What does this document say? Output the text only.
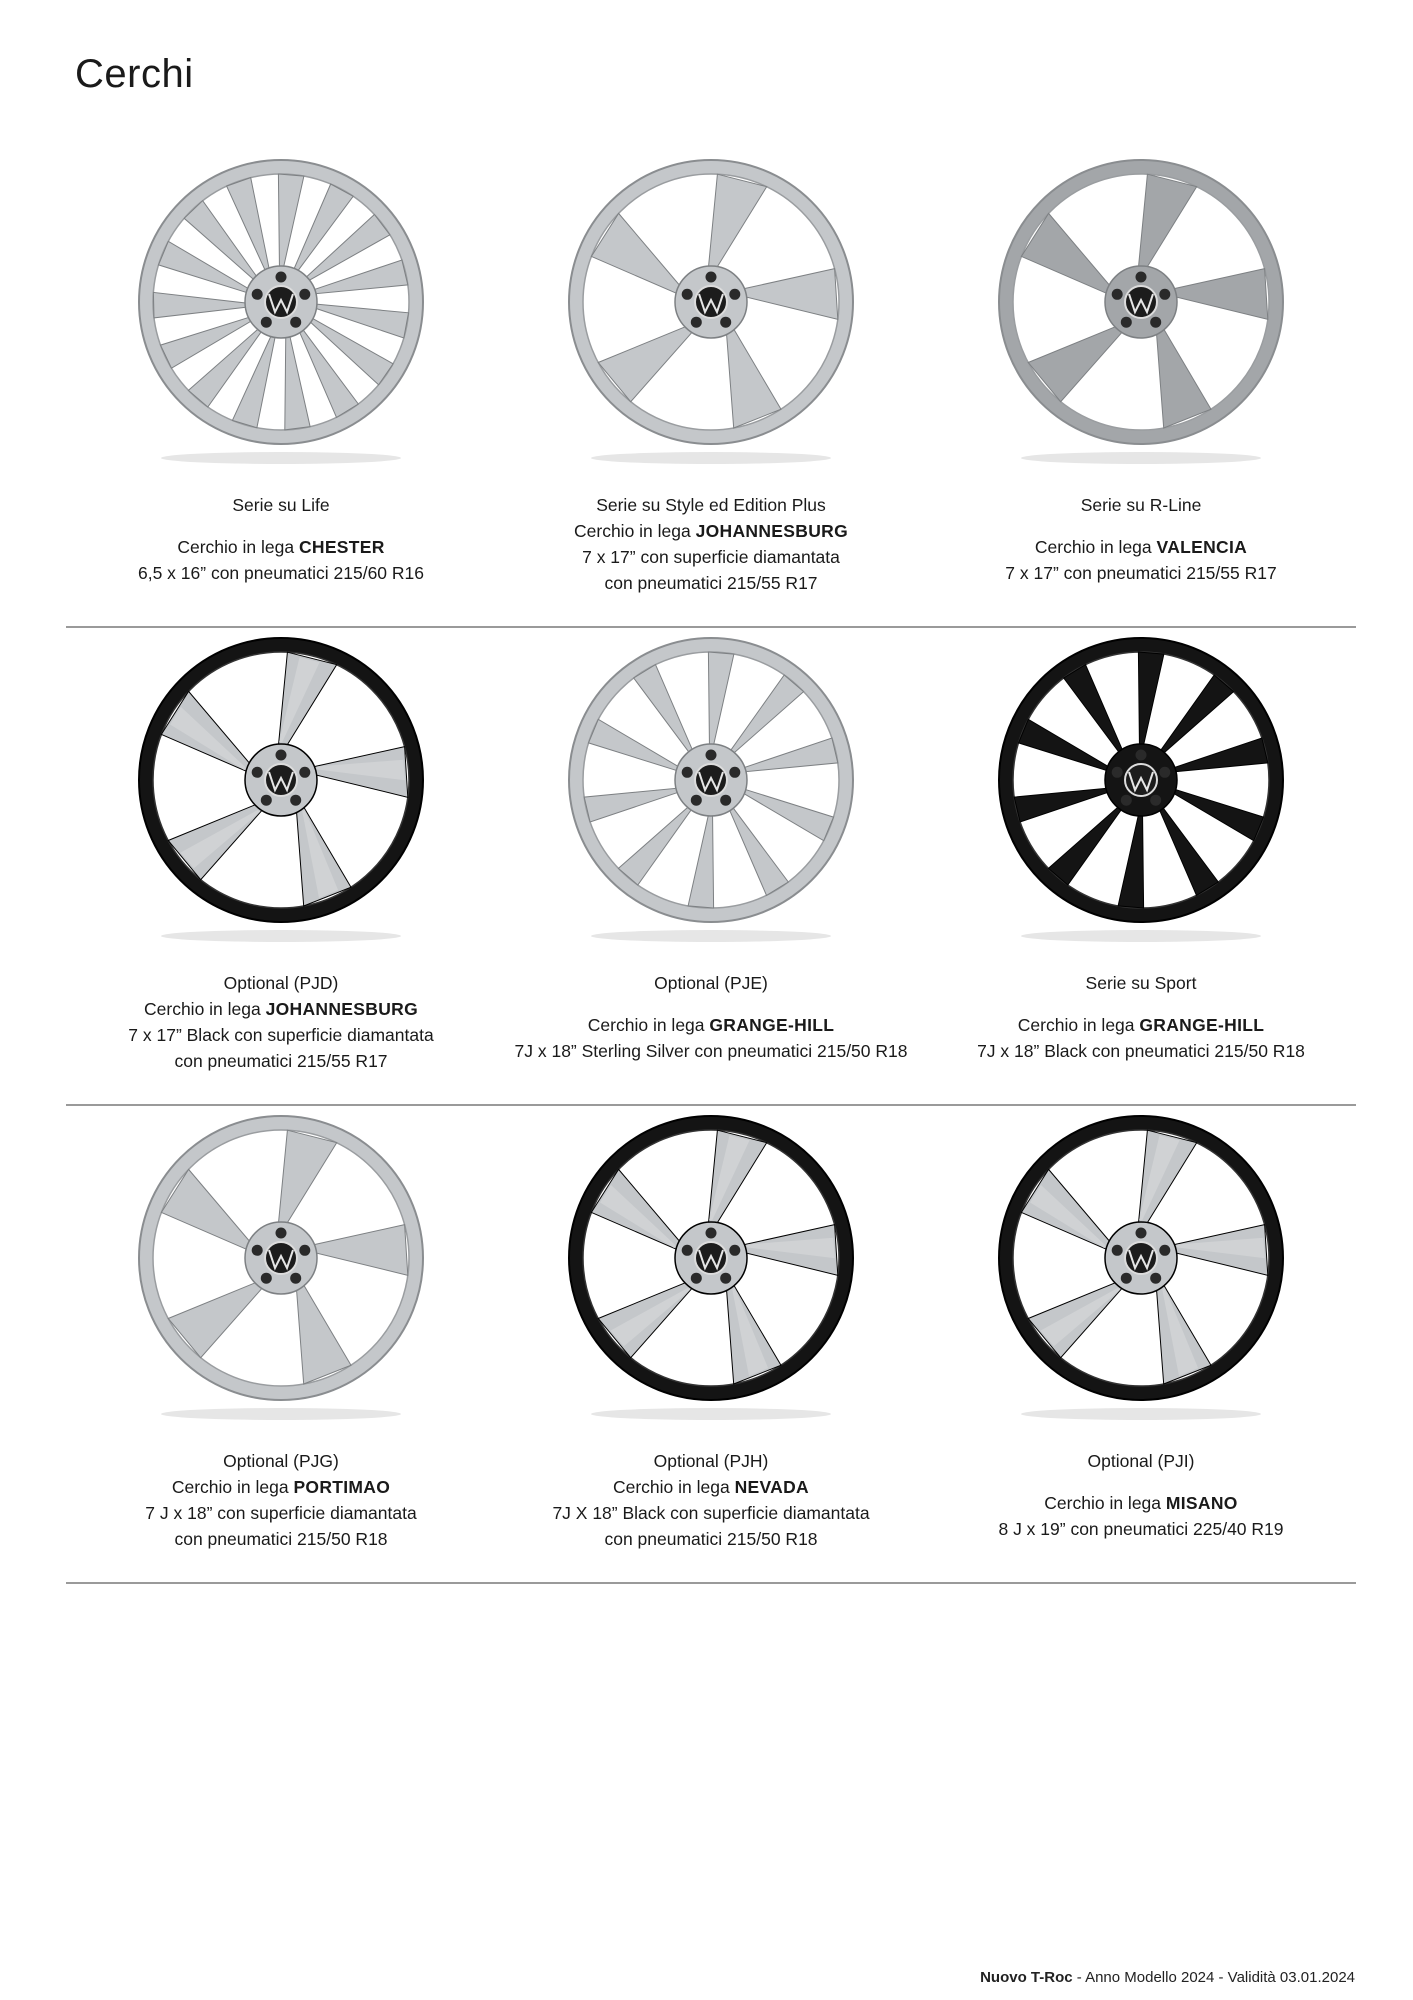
Cerchi
Serie su Life
Cerchio in lega CHESTER
6,5 x 16” con pneumatici 215/60 R16
Serie su Style ed Edition Plus
Cerchio in lega JOHANNESBURG
7 x 17” con superficie diamantata
con pneumatici 215/55 R17
Serie su R-Line
Cerchio in lega VALENCIA
7 x 17” con pneumatici 215/55 R17
Optional (PJD)
Cerchio in lega JOHANNESBURG
7 x 17” Black con superficie diamantata
con pneumatici 215/55 R17
Optional (PJE)
Cerchio in lega GRANGE-HILL
7J x 18” Sterling Silver con pneumatici 215/50 R18
Serie su Sport
Cerchio in lega GRANGE-HILL
7J x 18” Black con pneumatici 215/50 R18
Optional (PJG)
Cerchio in lega PORTIMAO
7 J x 18” con superficie diamantata
con pneumatici 215/50 R18
Optional (PJH)
Cerchio in lega NEVADA
7J X 18” Black con superficie diamantata
con pneumatici 215/50 R18
Optional (PJI)
Cerchio in lega MISANO
8 J x 19” con pneumatici 225/40 R19
Nuovo T-Roc - Anno Modello 2024 - Validità 03.01.2024
